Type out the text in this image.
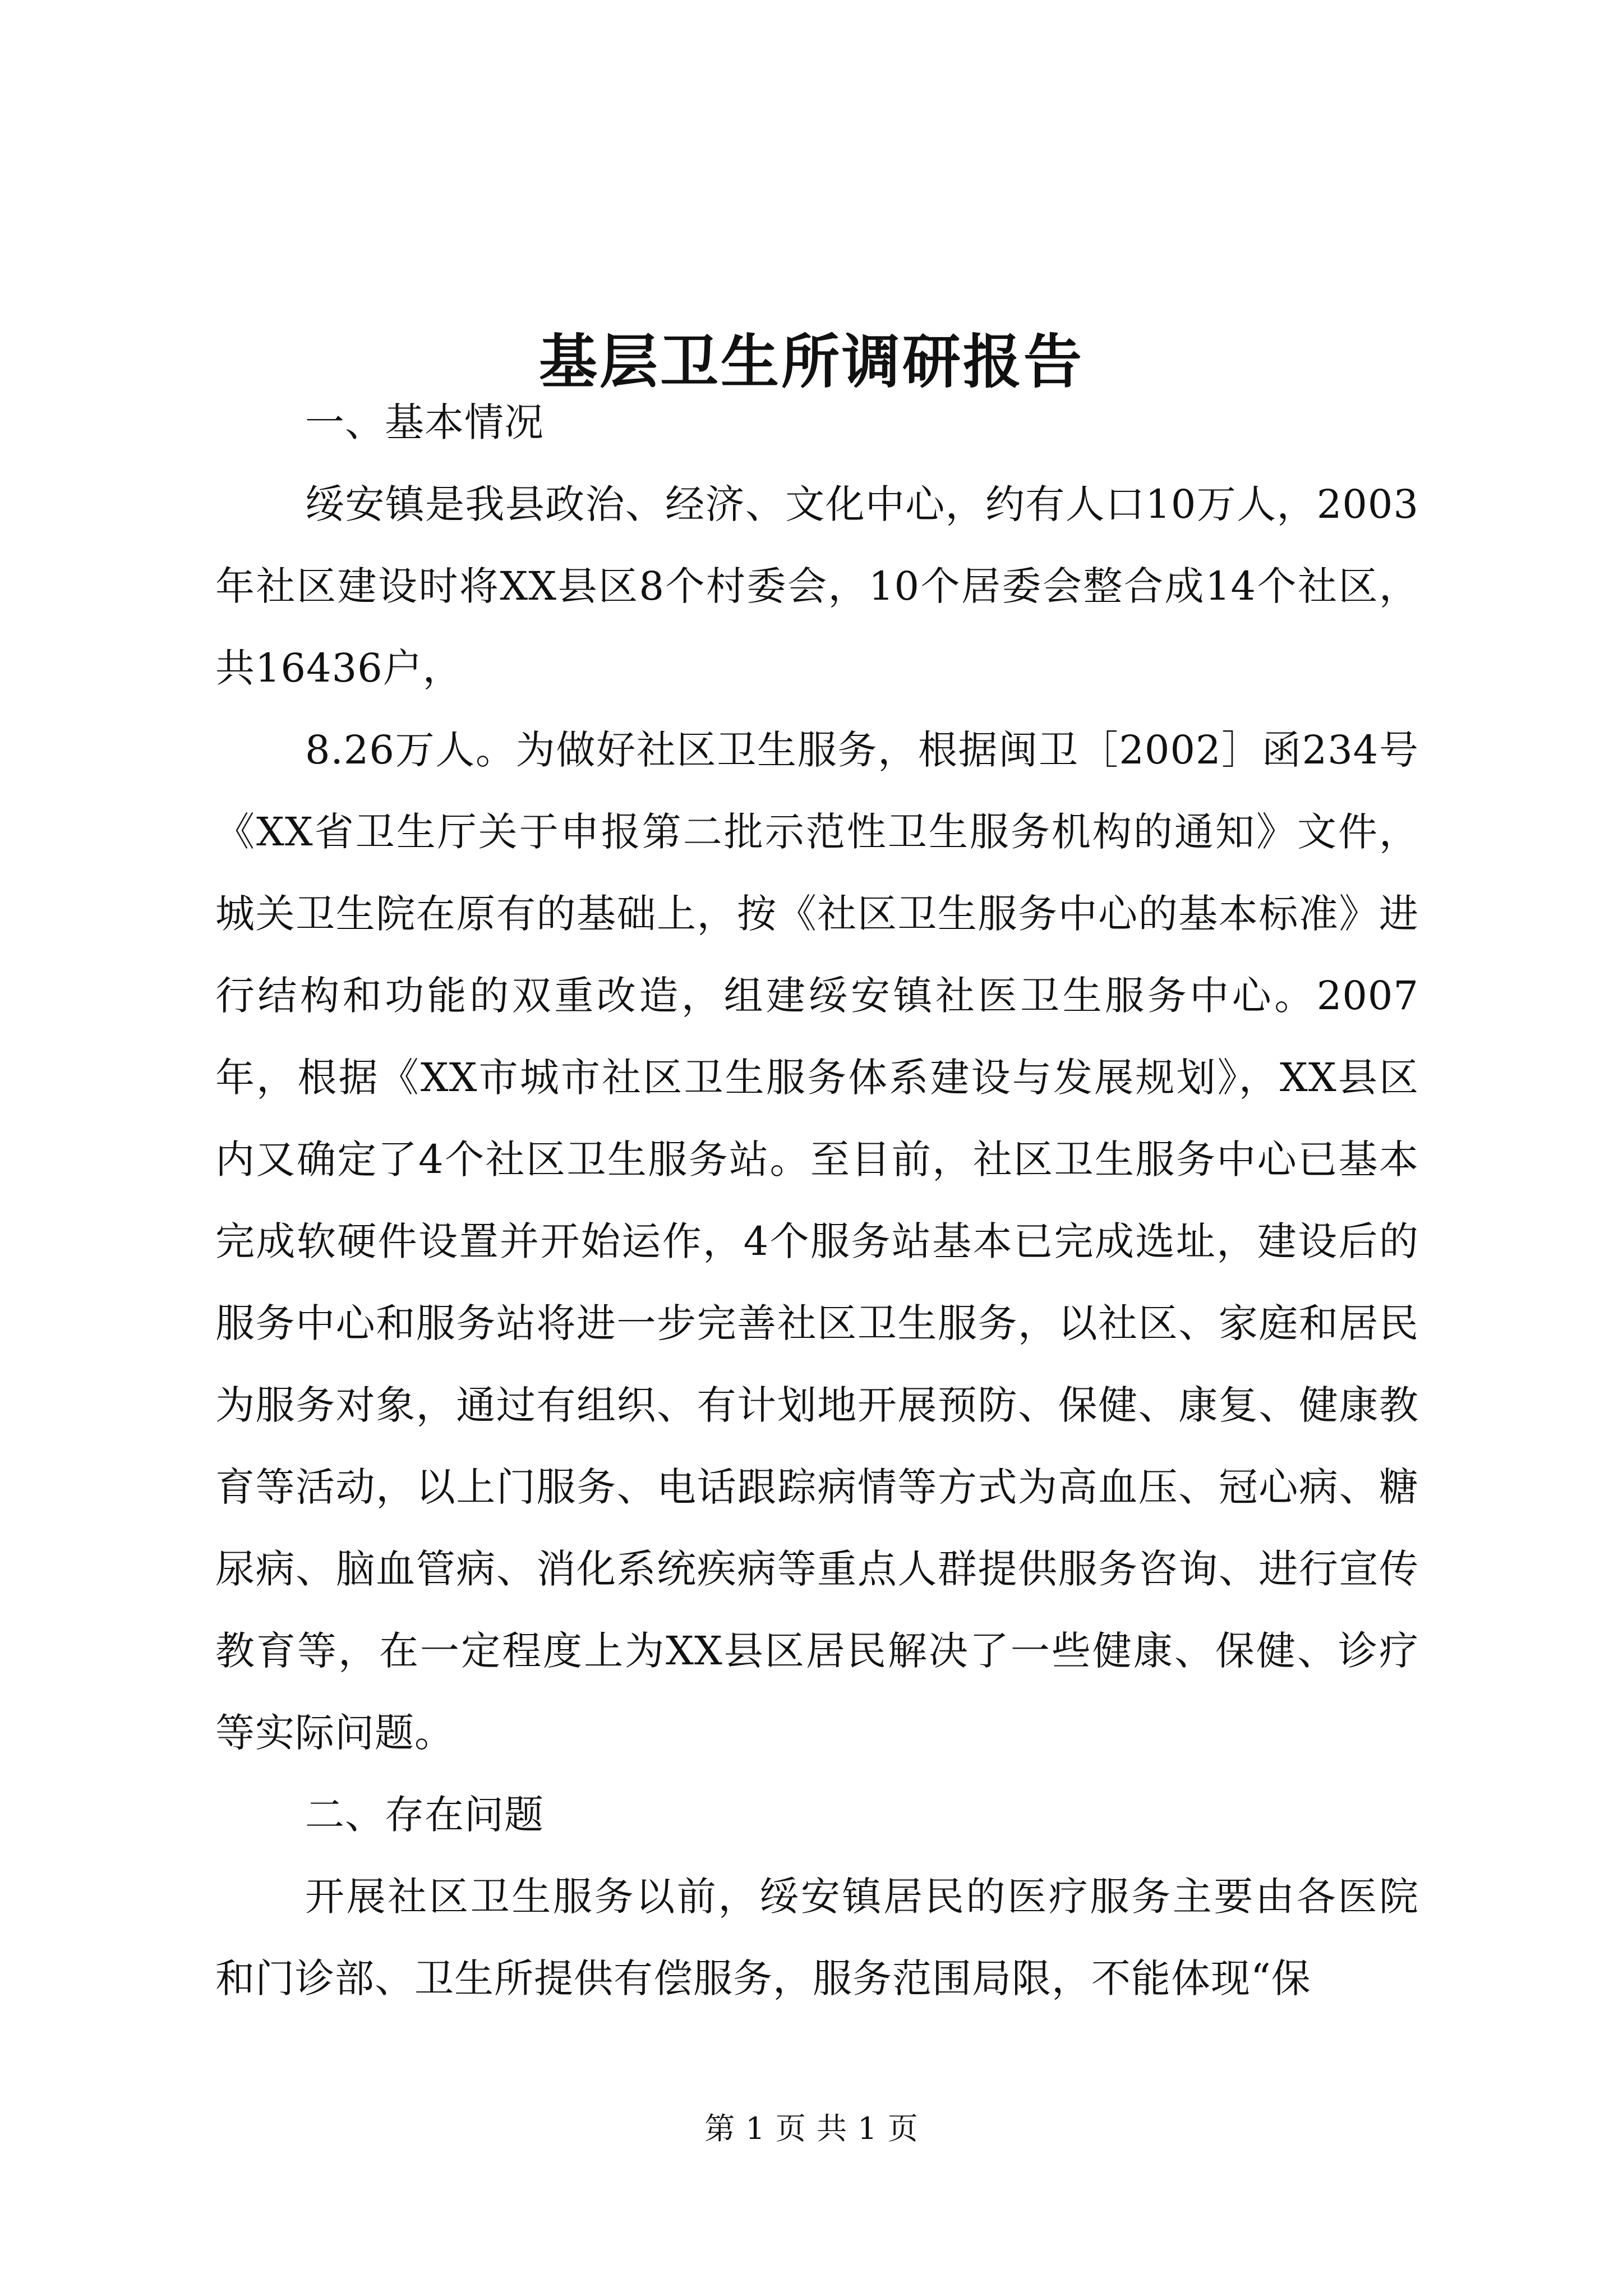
基层卫生所调研报告

一、基本情况

绥安镇是我县政治、经济、文化中心，约有人口10万人，2003年社区建设时将XX县区8个村委会，10个居委会整合成14个社区，共16436户，

8.26万人。为做好社区卫生服务，根据闽卫［2002］函234号《XX省卫生厅关于申报第二批示范性卫生服务机构的通知》文件，城关卫生院在原有的基础上，按《社区卫生服务中心的基本标准》进行结构和功能的双重改造，组建绥安镇社医卫生服务中心。2007年，根据《XX市城市社区卫生服务体系建设与发展规划》，XX县区内又确定了4个社区卫生服务站。至目前，社区卫生服务中心已基本完成软硬件设置并开始运作，4个服务站基本已完成选址，建设后的服务中心和服务站将进一步完善社区卫生服务，以社区、家庭和居民为服务对象，通过有组织、有计划地开展预防、保健、康复、健康教育等活动，以上门服务、电话跟踪病情等方式为高血压、冠心病、糖尿病、脑血管病、消化系统疾病等重点人群提供服务咨询、进行宣传教育等，在一定程度上为XX县区居民解决了一些健康、保健、诊疗等实际问题。

二、存在问题

开展社区卫生服务以前，绥安镇居民的医疗服务主要由各医院和门诊部、卫生所提供有偿服务，服务范围局限，不能体现“保

第 1 页 共 1 页
